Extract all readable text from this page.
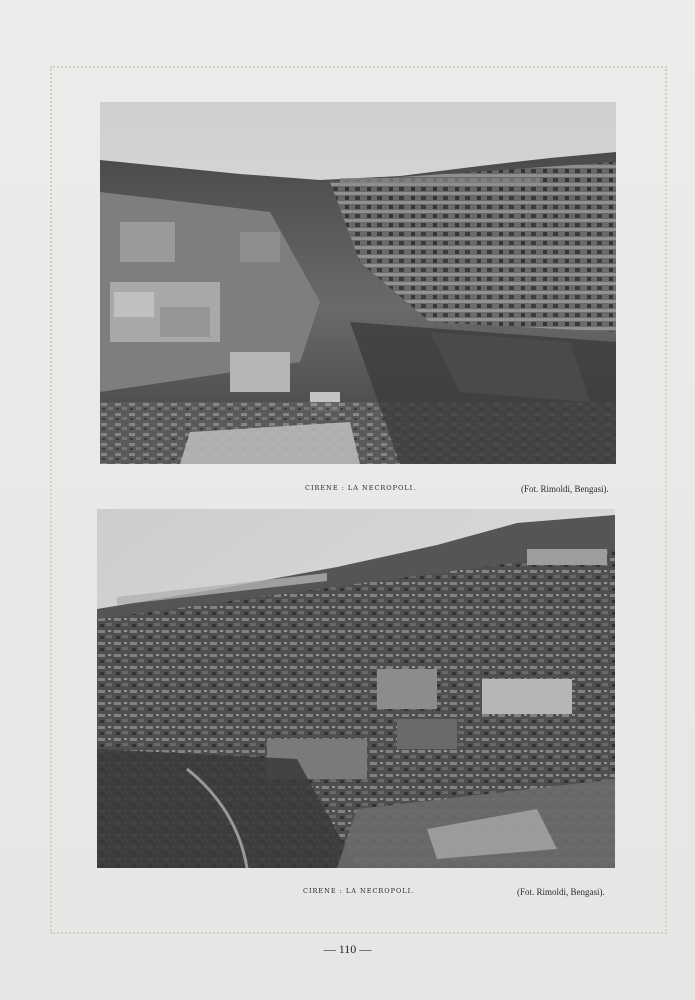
CIRENE : LA NECROPOLI.	(Fot. Rimoldi, Bengasi).
CIRENE : LA NECROPOLI.	(Fot. Rimoldi, Bengasi).
— 110 —
